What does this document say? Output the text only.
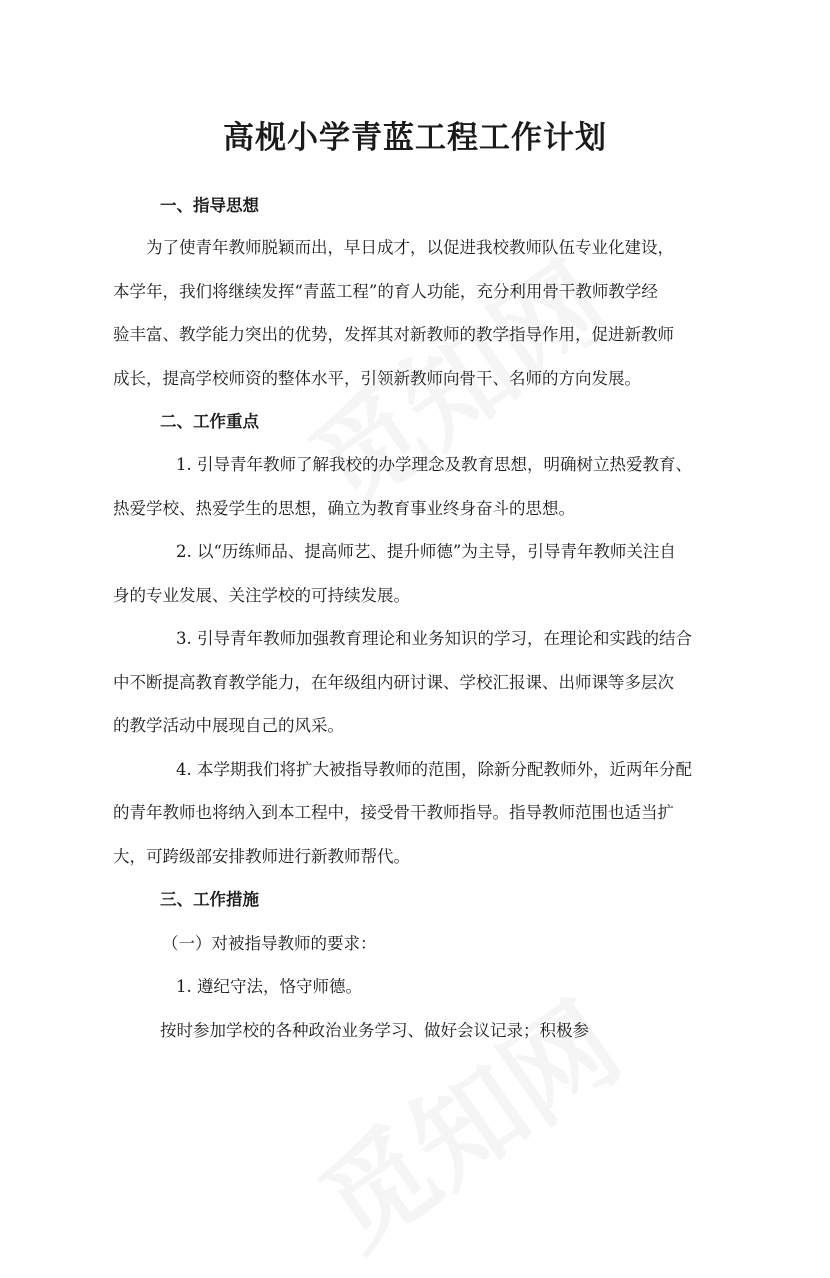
高枧小学青蓝工程工作计划

一、指导思想

为了使青年教师脱颖而出，早日成才，以促进我校教师队伍专业化建设，

本学年，我们将继续发挥“青蓝工程”的育人功能，充分利用骨干教师教学经

验丰富、教学能力突出的优势，发挥其对新教师的教学指导作用，促进新教师

成长，提高学校师资的整体水平，引领新教师向骨干、名师的方向发展。

二、工作重点

1. 引导青年教师了解我校的办学理念及教育思想，明确树立热爱教育、

热爱学校、热爱学生的思想，确立为教育事业终身奋斗的思想。

2. 以“历练师品、提高师艺、提升师德”为主导，引导青年教师关注自

身的专业发展、关注学校的可持续发展。

3. 引导青年教师加强教育理论和业务知识的学习，在理论和实践的结合

中不断提高教育教学能力，在年级组内研讨课、学校汇报课、出师课等多层次

的教学活动中展现自己的风采。

4. 本学期我们将扩大被指导教师的范围，除新分配教师外，近两年分配

的青年教师也将纳入到本工程中，接受骨干教师指导。指导教师范围也适当扩

大，可跨级部安排教师进行新教师帮代。

三、工作措施

（一）对被指导教师的要求：

1. 遵纪守法，恪守师德。

按时参加学校的各种政治业务学习、做好会议记录；积极参
